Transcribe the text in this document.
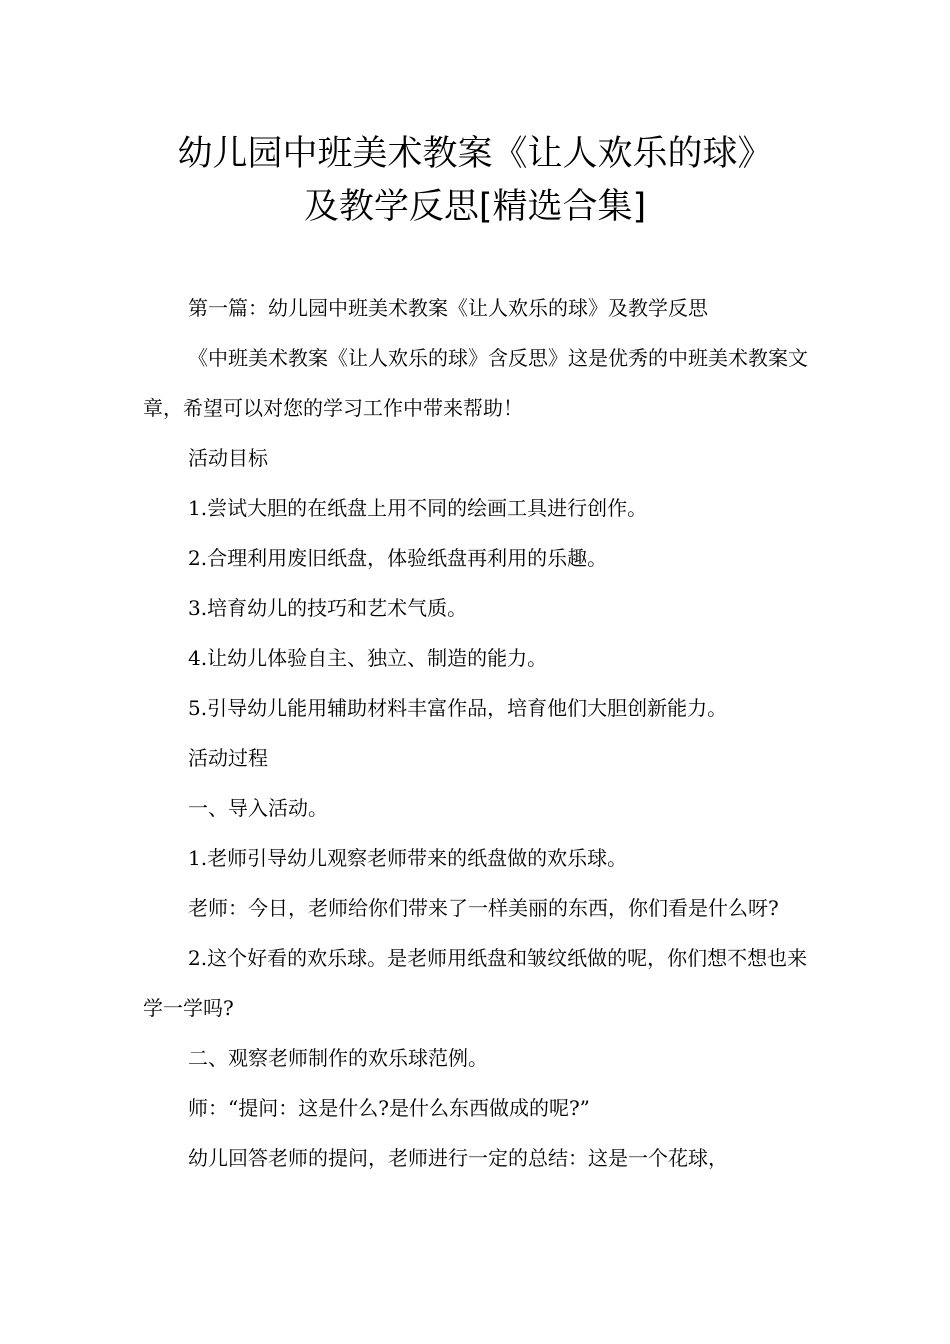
幼儿园中班美术教案《让人欢乐的球》
及教学反思[精选合集]

第一篇：幼儿园中班美术教案《让人欢乐的球》及教学反思

《中班美术教案《让人欢乐的球》含反思》这是优秀的中班美术教案文章，希望可以对您的学习工作中带来帮助！

活动目标

1.尝试大胆的在纸盘上用不同的绘画工具进行创作。

2.合理利用废旧纸盘，体验纸盘再利用的乐趣。

3.培育幼儿的技巧和艺术气质。

4.让幼儿体验自主、独立、制造的能力。

5.引导幼儿能用辅助材料丰富作品，培育他们大胆创新能力。

活动过程

一、导入活动。

1.老师引导幼儿观察老师带来的纸盘做的欢乐球。

老师：今日，老师给你们带来了一样美丽的东西，你们看是什么呀?

2.这个好看的欢乐球。是老师用纸盘和皱纹纸做的呢，你们想不想也来学一学吗?

二、观察老师制作的欢乐球范例。

师：“提问：这是什么?是什么东西做成的呢?”

幼儿回答老师的提问，老师进行一定的总结：这是一个花球，
